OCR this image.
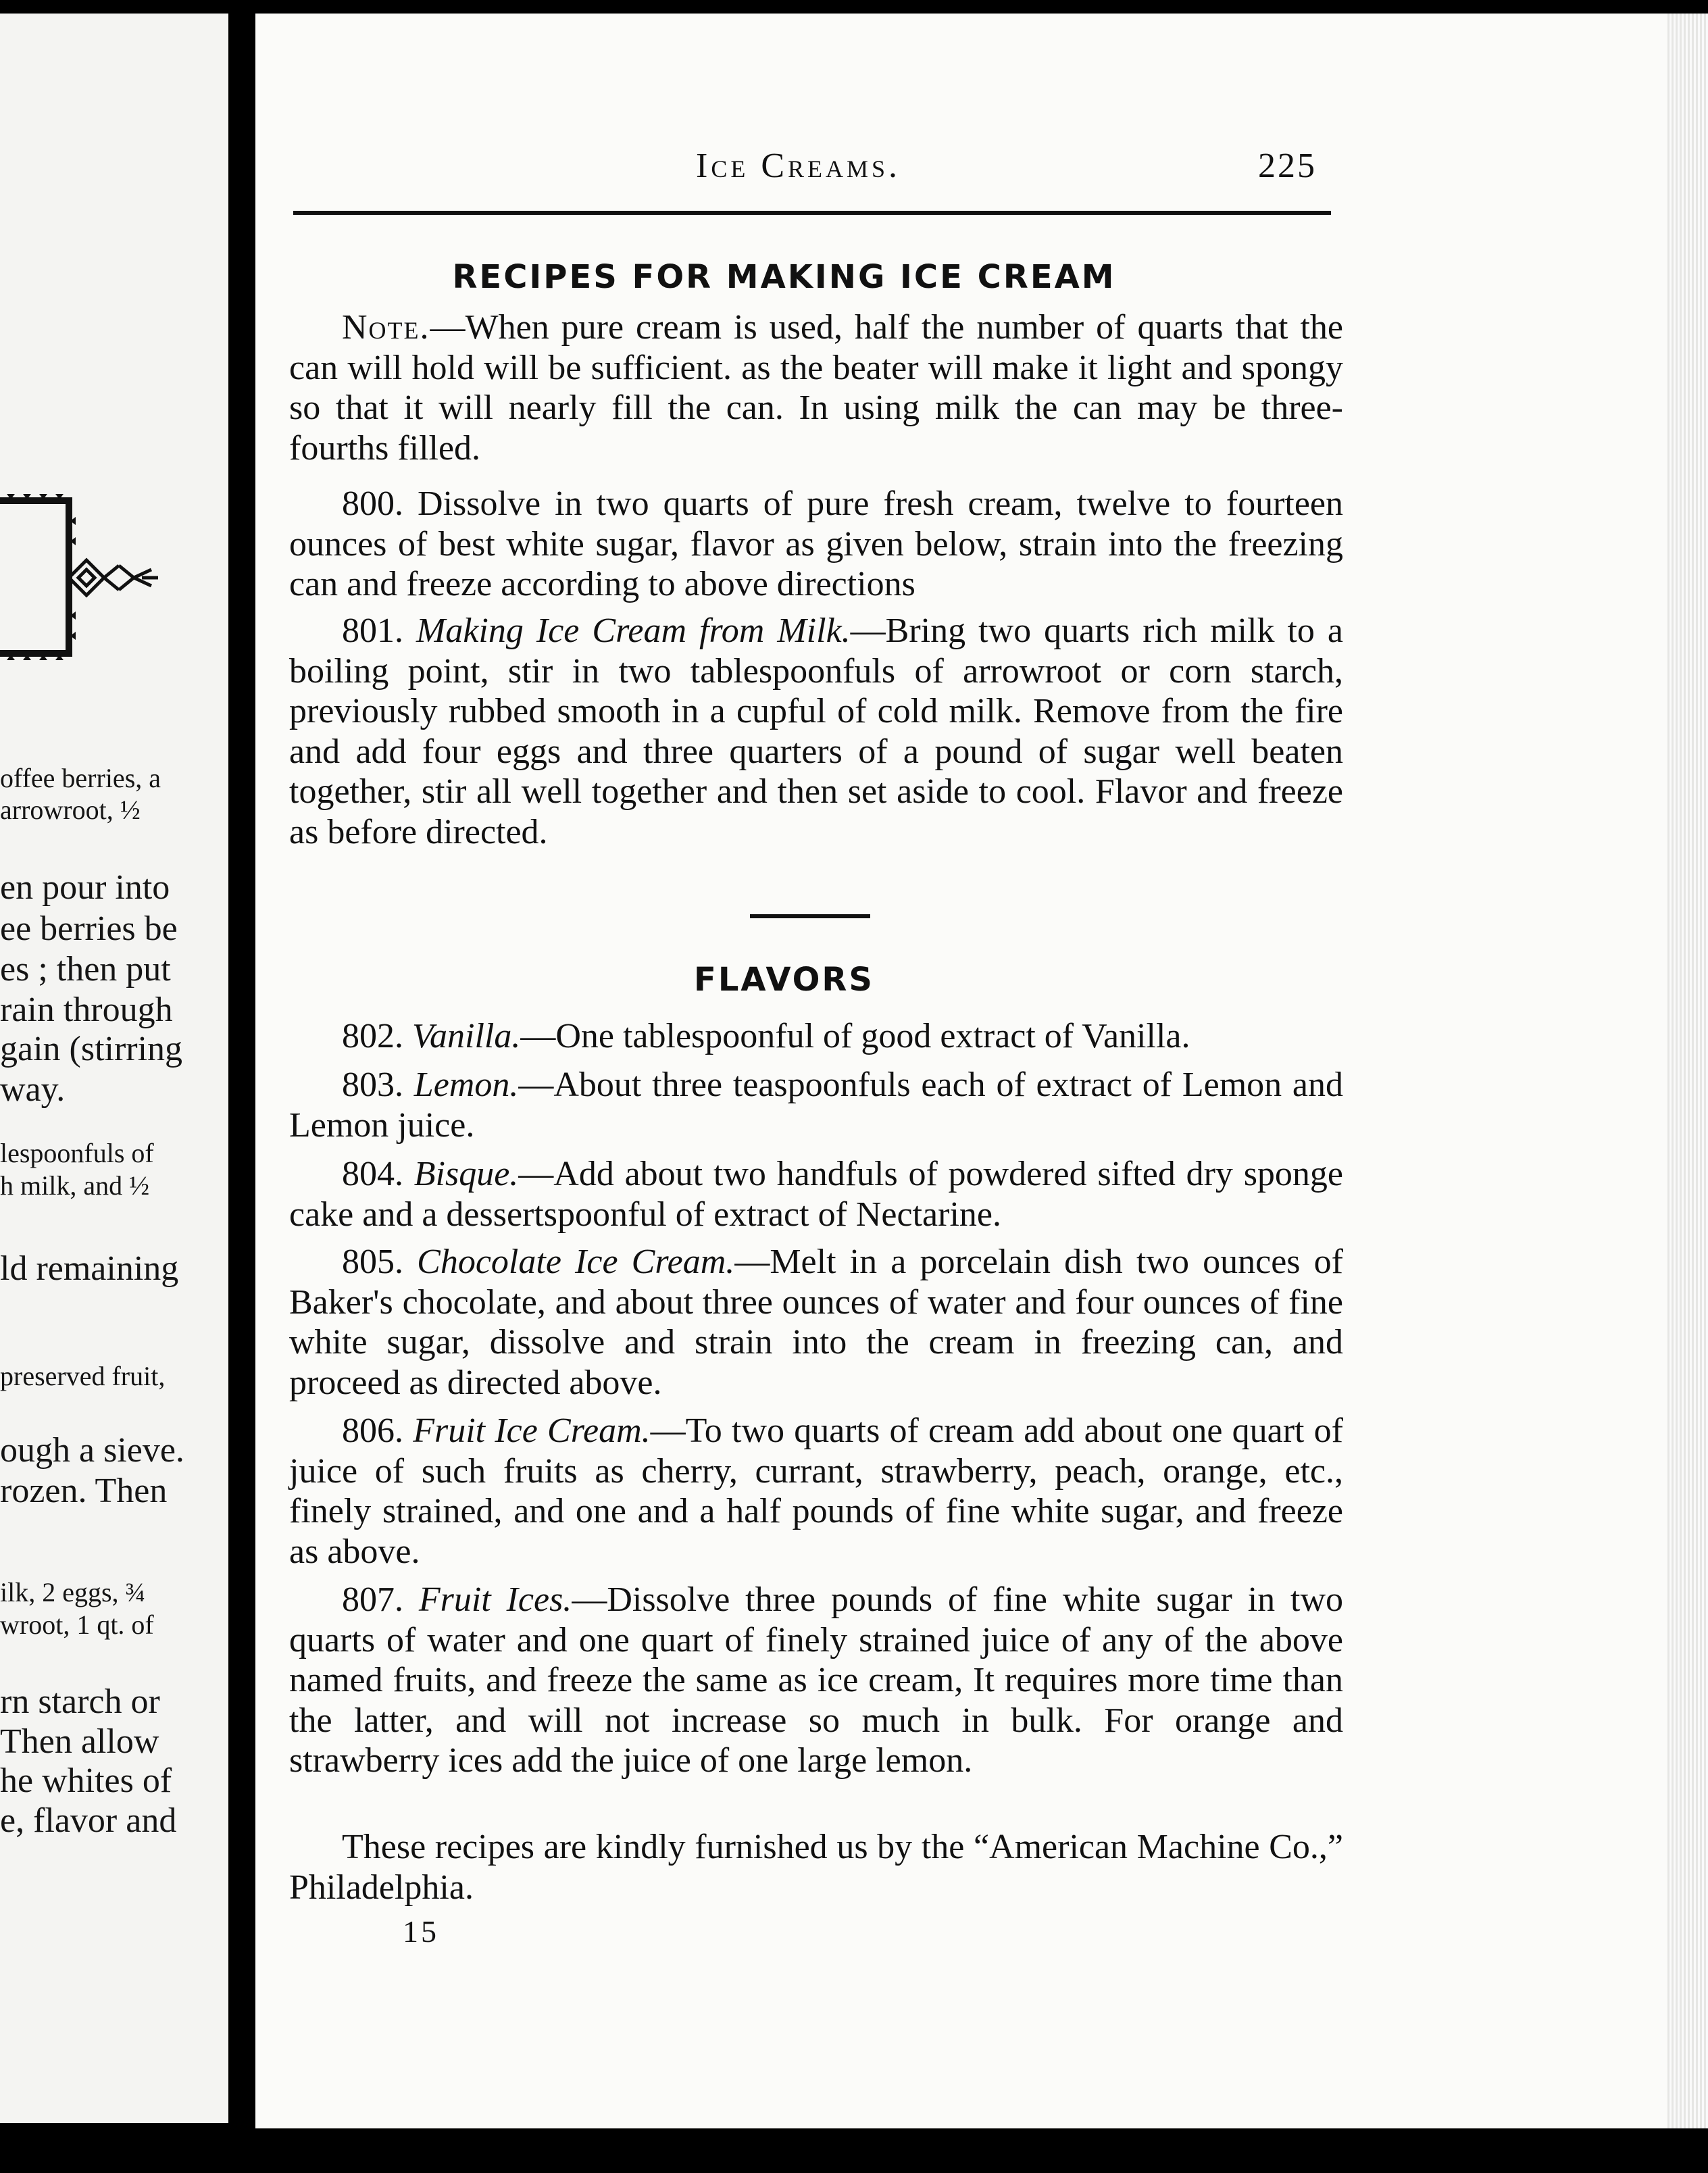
offee berries, a
arrowroot, ½
en pour into
ee berries be
es ; then put
rain through
gain (stirring
way.
lespoonfuls of
h milk, and ½
ld remaining
preserved fruit,
ough a sieve.
rozen. Then
ilk, 2 eggs, ¾
wroot, 1 qt. of
rn starch or
Then allow
he whites of
e, flavor and
Ice Creams.	225
RECIPES FOR MAKING ICE CREAM
Note.—When pure cream is used, half the number of quarts that the can will hold will be sufficient. as the beater will make it light and spongy so that it will nearly fill the can. In using milk the can may be three-fourths filled.
800. Dissolve in two quarts of pure fresh cream, twelve to fourteen ounces of best white sugar, flavor as given below, strain into the freezing can and freeze according to above directions
801. Making Ice Cream from Milk.—Bring two quarts rich milk to a boiling point, stir in two tablespoonfuls of arrowroot or corn starch, previously rubbed smooth in a cupful of cold milk. Remove from the fire and add four eggs and three quarters of a pound of sugar well beaten together, stir all well together and then set aside to cool. Flavor and freeze as before directed.
FLAVORS
802. Vanilla.—One tablespoonful of good extract of Vanilla.
803. Lemon.—About three teaspoonfuls each of extract of Lemon and Lemon juice.
804. Bisque.—Add about two handfuls of powdered sifted dry sponge cake and a dessertspoonful of extract of Nectarine.
805. Chocolate Ice Cream.—Melt in a porcelain dish two ounces of Baker's chocolate, and about three ounces of water and four ounces of fine white sugar, dissolve and strain into the cream in freezing can, and proceed as directed above.
806. Fruit Ice Cream.—To two quarts of cream add about one quart of juice of such fruits as cherry, currant, strawberry, peach, orange, etc., finely strained, and one and a half pounds of fine white sugar, and freeze as above.
807. Fruit Ices.—Dissolve three pounds of fine white sugar in two quarts of water and one quart of finely strained juice of any of the above named fruits, and freeze the same as ice cream, It requires more time than the latter, and will not increase so much in bulk. For orange and strawberry ices add the juice of one large lemon.
These recipes are kindly furnished us by the “American Machine Co.,” Philadelphia.
15
